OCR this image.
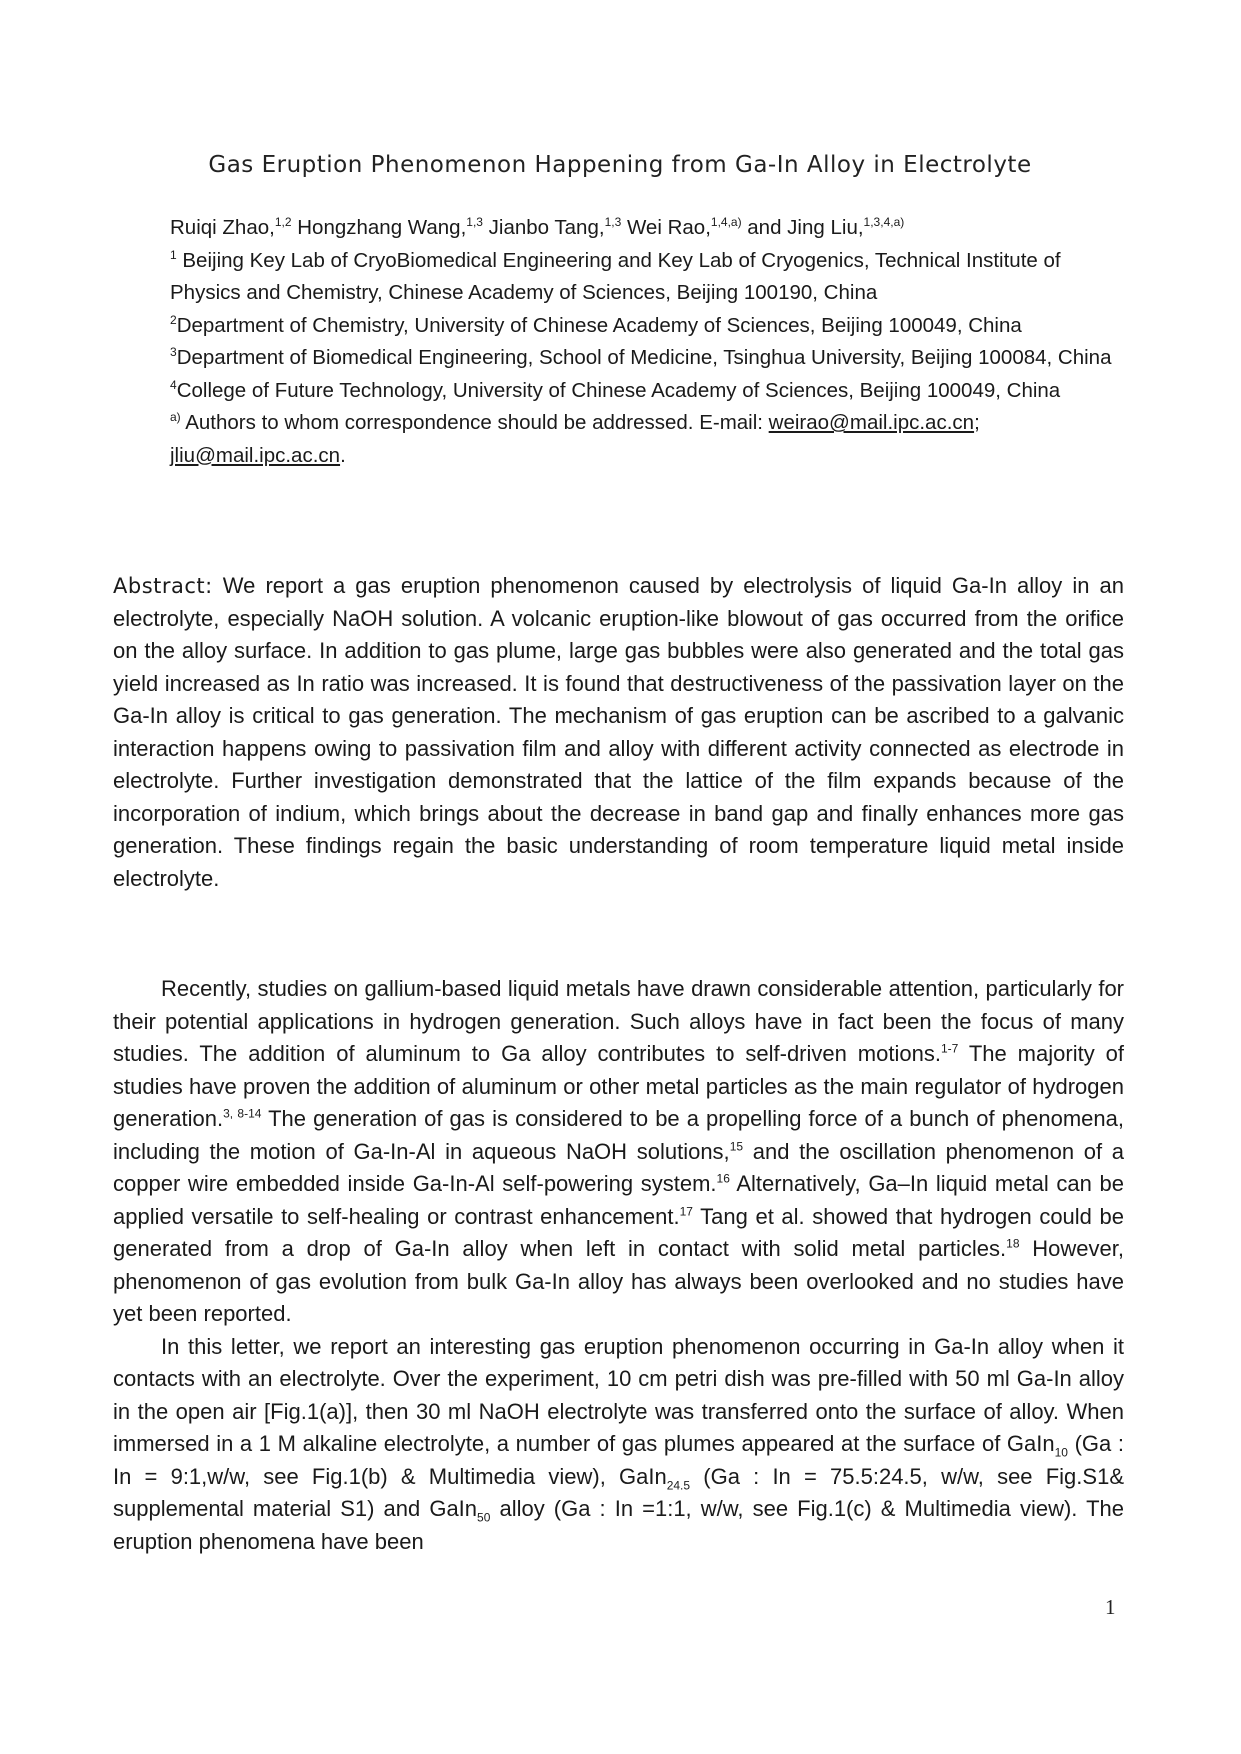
Gas Eruption Phenomenon Happening from Ga-In Alloy in Electrolyte

Ruiqi Zhao,$^{1,2}$ Hongzhang Wang,$^{1,3}$ Jianbo Tang,$^{1,3}$ Wei Rao,$^{1,4,a)}$ and Jing Liu,$^{1,3,4,a)}$

$^1$ Beijing Key Lab of CryoBiomedical Engineering and Key Lab of Cryogenics, Technical Institute of Physics and Chemistry, Chinese Academy of Sciences, Beijing 100190, China

$^2$Department of Chemistry, University of Chinese Academy of Sciences, Beijing 100049, China

$^3$Department of Biomedical Engineering, School of Medicine, Tsinghua University, Beijing 100084, China

$^4$College of Future Technology, University of Chinese Academy of Sciences, Beijing 100049, China

$^{a)}$ Authors to whom correspondence should be addressed. E-mail: weirao@mail.ipc.ac.cn; jliu@mail.ipc.ac.cn.

Abstract: We report a gas eruption phenomenon caused by electrolysis of liquid Ga-In alloy in an electrolyte, especially NaOH solution. A volcanic eruption-like blowout of gas occurred from the orifice on the alloy surface. In addition to gas plume, large gas bubbles were also generated and the total gas yield increased as In ratio was increased. It is found that destructiveness of the passivation layer on the Ga-In alloy is critical to gas generation. The mechanism of gas eruption can be ascribed to a galvanic interaction happens owing to passivation film and alloy with different activity connected as electrode in electrolyte. Further investigation demonstrated that the lattice of the film expands because of the incorporation of indium, which brings about the decrease in band gap and finally enhances more gas generation. These findings regain the basic understanding of room temperature liquid metal inside electrolyte.

Recently, studies on gallium-based liquid metals have drawn considerable attention, particularly for their potential applications in hydrogen generation. Such alloys have in fact been the focus of many studies. The addition of aluminum to Ga alloy contributes to self-driven motions.$^{1-7}$ The majority of studies have proven the addition of aluminum or other metal particles as the main regulator of hydrogen generation.$^{3, 8-14}$ The generation of gas is considered to be a propelling force of a bunch of phenomena, including the motion of Ga-In-Al in aqueous NaOH solutions,$^{15}$ and the oscillation phenomenon of a copper wire embedded inside Ga-In-Al self-powering system.$^{16}$ Alternatively, Ga–In liquid metal can be applied versatile to self-healing or contrast enhancement.$^{17}$ Tang et al. showed that hydrogen could be generated from a drop of Ga-In alloy when left in contact with solid metal particles.$^{18}$ However, phenomenon of gas evolution from bulk Ga-In alloy has always been overlooked and no studies have yet been reported.

In this letter, we report an interesting gas eruption phenomenon occurring in Ga-In alloy when it contacts with an electrolyte. Over the experiment, 10 cm petri dish was pre-filled with 50 ml Ga-In alloy in the open air [Fig.1(a)], then 30 ml NaOH electrolyte was transferred onto the surface of alloy. When immersed in a 1 M alkaline electrolyte, a number of gas plumes appeared at the surface of GaIn$_{10}$ (Ga : In = 9:1,w/w, see Fig.1(b) & Multimedia view), GaIn$_{24.5}$ (Ga : In = 75.5:24.5, w/w, see Fig.S1& supplemental material S1) and GaIn$_{50}$ alloy (Ga : In =1:1, w/w, see Fig.1(c) & Multimedia view). The eruption phenomena have been

1
